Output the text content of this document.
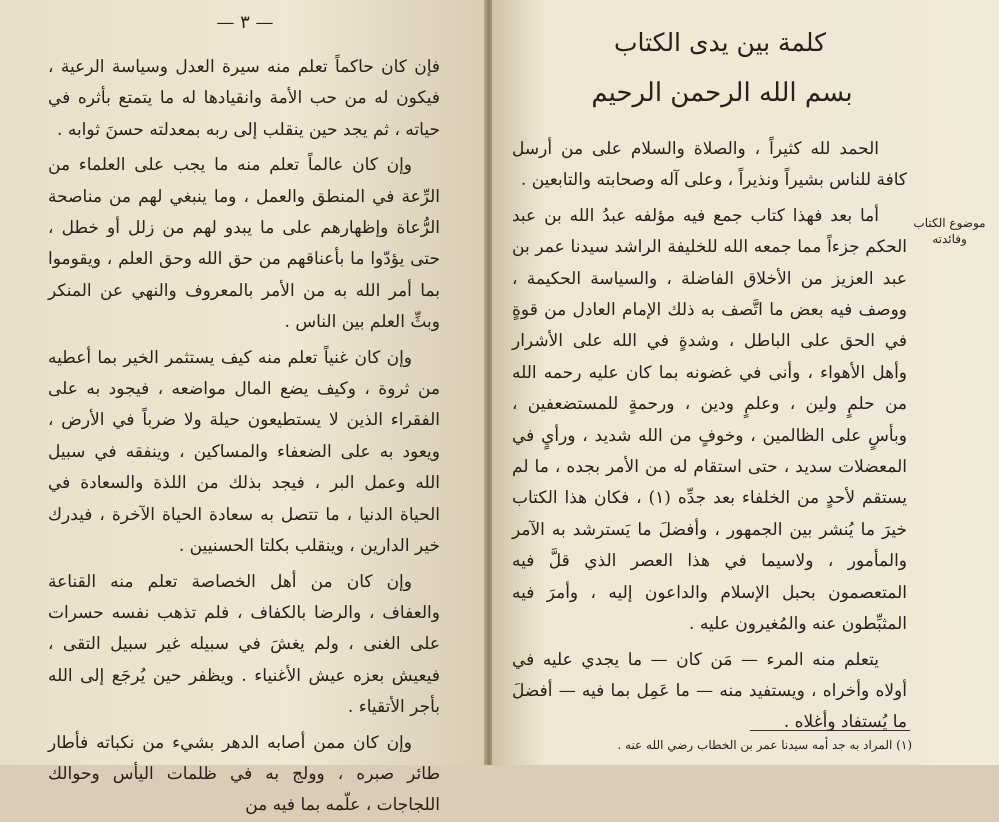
— ٣ —

فإن كان حاكماً تعلم منه سيرة العدل وسياسة الرعية ، فيكون له من حب الأمة وانقيادها له ما يتمتع بأثره في حياته ، ثم يجد حين ينقلب إلى ربه بمعدلته حسنَ ثوابه .

وإن كان عالماً تعلم منه ما يجب على العلماء من الرِّعة في المنطق والعمل ، وما ينبغي لهم من مناصحة الرُّعاة وإظهارهم على ما يبدو لهم من زلل أو خطل ، حتى يؤدّوا ما بأعناقهم من حق الله وحق العلم ، ويقوموا بما أمر الله به من الأمر بالمعروف والنهي عن المنكر وبثِّ العلم بين الناس .

وإن كان غنياً تعلم منه كيف يستثمر الخير بما أعطيه من ثروة ، وكيف يضع المال مواضعه ، فيجود به على الفقراء الذين لا يستطيعون حيلة ولا ضرباً في الأرض ، ويعود به على الضعفاء والمساكين ، وينفقه في سبيل الله وعمل البر ، فيجد بذلك من اللذة والسعادة في الحياة الدنيا ، ما تتصل به سعادة الحياة الآخرة ، فيدرك خير الدارين ، وينقلب بكلتا الحسنيين .

وإن كان من أهل الخصاصة تعلم منه القناعة والعفاف ، والرضا بالكفاف ، فلم تذهب نفسه حسرات على الغنى ، ولم يغشَ في سبيله غير سبيل التقى ، فيعيش بعزه عيش الأغنياء . ويظفر حين يُرجَع إلى الله بأجر الأتقياء .

وإن كان ممن أصابه الدهر بشيء من نكباته فأطار طائر صبره ، وولج به في ظلمات اليأس وحوالك اللجاجات ، علّمه بما فيه من

كلمة بين يدى الكتاب
بسم الله الرحمن الرحيم
موضوع الكتاب وفائدته

الحمد لله كثيراً ، والصلاة والسلام على من أرسل كافة للناس بشيراً ونذيراً ، وعلى آله وصحابته والتابعين .

أما بعد فهذا كتاب جمع فيه مؤلفه عبدُ الله بن عبد الحكم جزءاً مما جمعه الله للخليفة الراشد سيدنا عمر بن عبد العزيز من الأخلاق الفاضلة ، والسياسة الحكيمة ، ووصف فيه بعض ما اتَّصف به ذلك الإمام العادل من قوةٍ في الحق على الباطل ، وشدةٍ في الله على الأشرار وأهل الأهواء ، وأنى في غضونه بما كان عليه رحمه الله من حلمٍ ولين ، وعلمٍ ودين ، ورحمةٍ للمستضعفين ، وبأسٍ على الظالمين ، وخوفٍ من الله شديد ، ورأيٍ في المعضلات سديد ، حتى استقام له من الأمر بجده ، ما لم يستقم لأحدٍ من الخلفاء بعد جدِّه (١) ، فكان هذا الكتاب خيرَ ما يُنشر بين الجمهور ، وأفضلَ ما يَسترشد به الآمر والمأمور ، ولاسيما في هذا العصر الذي قلَّ فيه المتعصمون بحبل الإسلام والداعون إليه ، وأمرَ فيه المثبِّطون عنه والمُغيرون عليه .

يتعلم منه المرء — مَن كان — ما يجدي عليه في أولاه وأخراه ، ويستفيد منه — ما عَمِل بما فيه — أفضلَ ما يُستفاد وأغلاه .

(١) المراد به جد أمه سيدنا عمر بن الخطاب رضي الله عنه .
